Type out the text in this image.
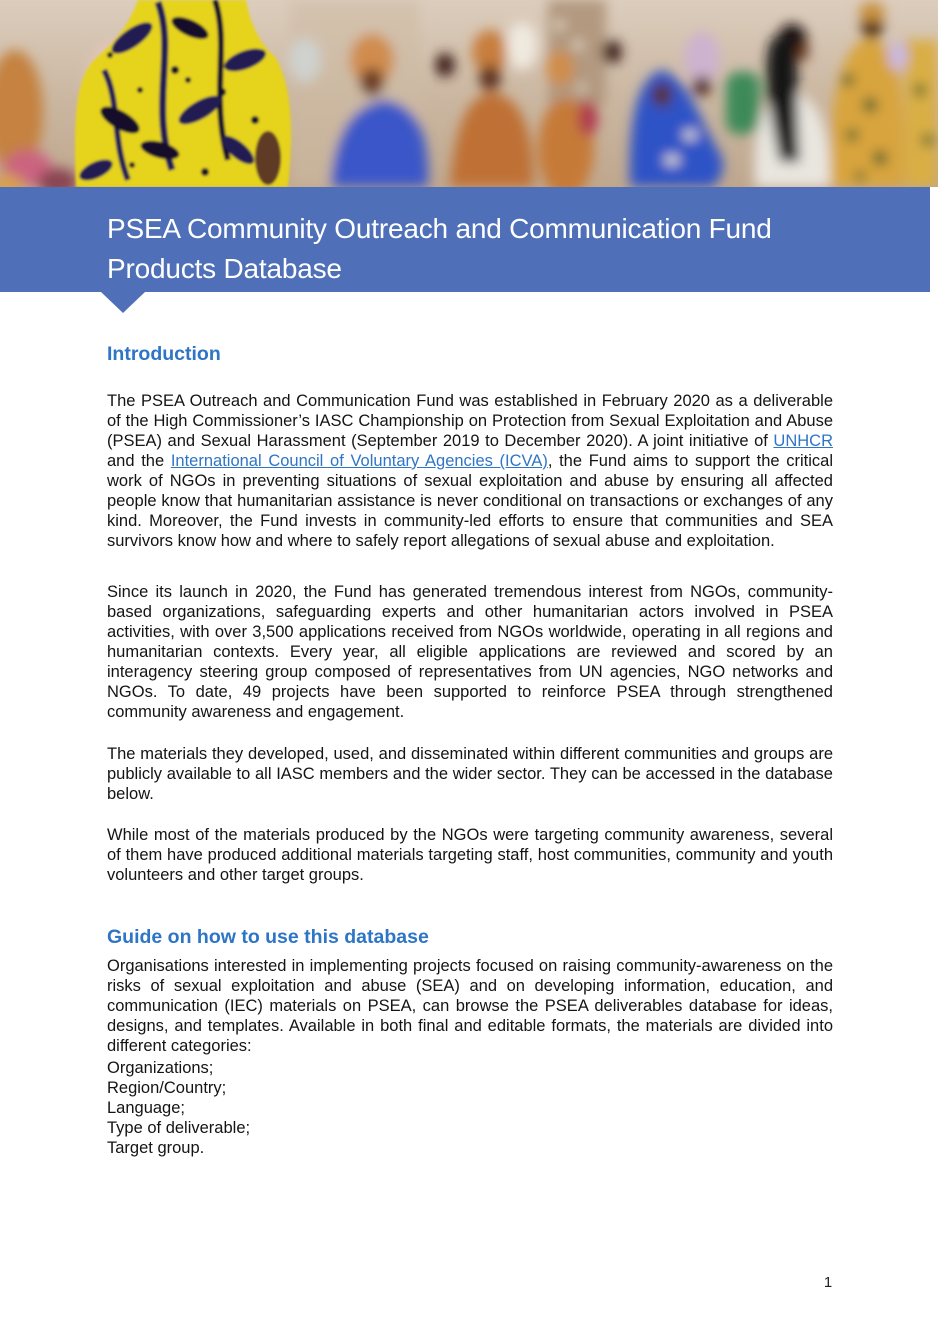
PSEA Community Outreach and Communication Fund
Products Database
Introduction

The PSEA Outreach and Communication Fund was established in February 2020 as a deliverable of the High Commissioner’s IASC Championship on Protection from Sexual Exploitation and Abuse (PSEA) and Sexual Harassment (September 2019 to December 2020). A joint initiative of UNHCR and the International Council of Voluntary Agencies (ICVA), the Fund aims to support the critical work of NGOs in preventing situations of sexual exploitation and abuse by ensuring all affected people know that humanitarian assistance is never conditional on transactions or exchanges of any kind. Moreover, the Fund invests in community-led efforts to ensure that communities and SEA survivors know how and where to safely report allegations of sexual abuse and exploitation.

Since its launch in 2020, the Fund has generated tremendous interest from NGOs, community-based organizations, safeguarding experts and other humanitarian actors involved in PSEA activities, with over 3,500 applications received from NGOs worldwide, operating in all regions and humanitarian contexts. Every year, all eligible applications are reviewed and scored by an interagency steering group composed of representatives from UN agencies, NGO networks and NGOs. To date, 49 projects have been supported to reinforce PSEA through strengthened community awareness and engagement.

The materials they developed, used, and disseminated within different communities and groups are publicly available to all IASC members and the wider sector. They can be accessed in the database below.

While most of the materials produced by the NGOs were targeting community awareness, several of them have produced additional materials targeting staff, host communities, community and youth volunteers and other target groups.

Guide on how to use this database

Organisations interested in implementing projects focused on raising community-awareness on the risks of sexual exploitation and abuse (SEA) and on developing information, education, and communication (IEC) materials on PSEA, can browse the PSEA deliverables database for ideas, designs, and templates. Available in both final and editable formats, the materials are divided into different categories:

Organizations;
Region/Country;
Language;
Type of deliverable;
Target group.
1
